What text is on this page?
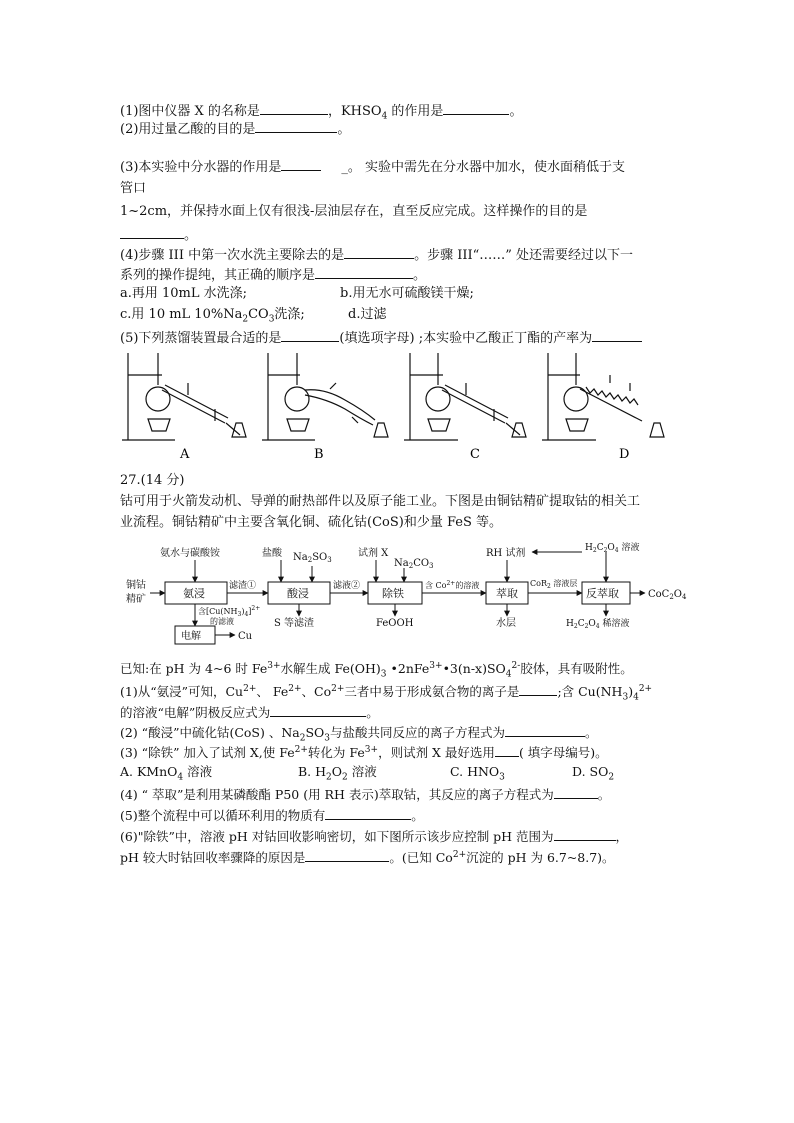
(1)图中仪器 X 的名称是	，$KHSO_4$ 的作用是	。
(2)用过量乙酸的目的是	。
(3)本实验中分水器的作用是	_。 实验中需先在分水器中加水，使水面稍低于支
管口
1~2cm，并保持水面上仅有很浅-层油层存在，直至反应完成。这样操作的目的是
。
(4)步骤 III 中第一次水洗主要除去的是	。步骤 III“……” 处还需要经过以下一
系列的操作提纯，其正确的顺序是	。
a.再用 10mL 水洗涤;	b.用无水可硫酸镁干燥;
c.用 10 mL $10\%Na_2CO_3$洗涤;	d.过滤
(5)下列蒸馏装置最合适的是	(填选项字母) ;本实验中乙酸正丁酯的产率为
A	B	C	D
27.(14 分)
钴可用于火箭发动机、导弹的耐热部件以及原子能工业。下图是由铜钴精矿提取钴的相关工
业流程。铜钴精矿中主要含氧化铜、硫化钴(CoS)和少量 FeS 等。
铜钴
精矿	氨浸
氨水与碳酸铵
滤渣①
含$[Cu(NH_3)_4]^{2+}$
的滤液
电解	Cu
酸浸
盐酸 $Na_2SO_3$
滤液②
S 等滤渣
除铁
试剂 X
$Na_2CO_3$
含 $Co^{2+}$的溶液
FeOOH
萃取
RH 试剂
水层
CoR$_2$ 溶液层
反萃取
$H_2C_2O_4$ 溶液
$CoC_2O_4$
$H_2C_2O_4$ 稀溶液
已知:在 pH 为 4~6 时 $Fe^{3+}$水解生成 $Fe(OH)_3$ $•2nFe^{3+}•3(n-x)SO_4^{2-}$胶体，具有吸附性。
(1)从“氨浸”可知，$Cu^{2+}$、 $Fe^{2+}$、$Co^{2+}$三者中易于形成氨合物的离子是	;含 $Cu(NH_3)_4^{2+}$
的溶液“电解”阴极反应式为	。
(2) “酸浸”中硫化钴(CoS) 、$Na_2SO_3$与盐酸共同反应的离子方程式为	。
(3) “除铁” 加入了试剂 X,使 $Fe^{2+}$转化为 $Fe^{3+}$，则试剂 X 最好选用 ( 填字母编号)。
A. KMnO$_4$ 溶液	B. $H_2O_2$ 溶液	C. $HNO_3$	D. $SO_2$
(4) “ 萃取”是利用某磷酸酯 P50 (用 RH 表示)萃取钴，其反应的离子方程式为	。
(5)整个流程中可以循环利用的物质有	。
(6)"除铁”中，溶液 pH 对钴回收影响密切，如下图所示该步应控制 pH 范围为	，
pH 较大时钴回收率骤降的原因是	。(已知 $Co^{2+}$沉淀的 pH 为 6.7~8.7)。
